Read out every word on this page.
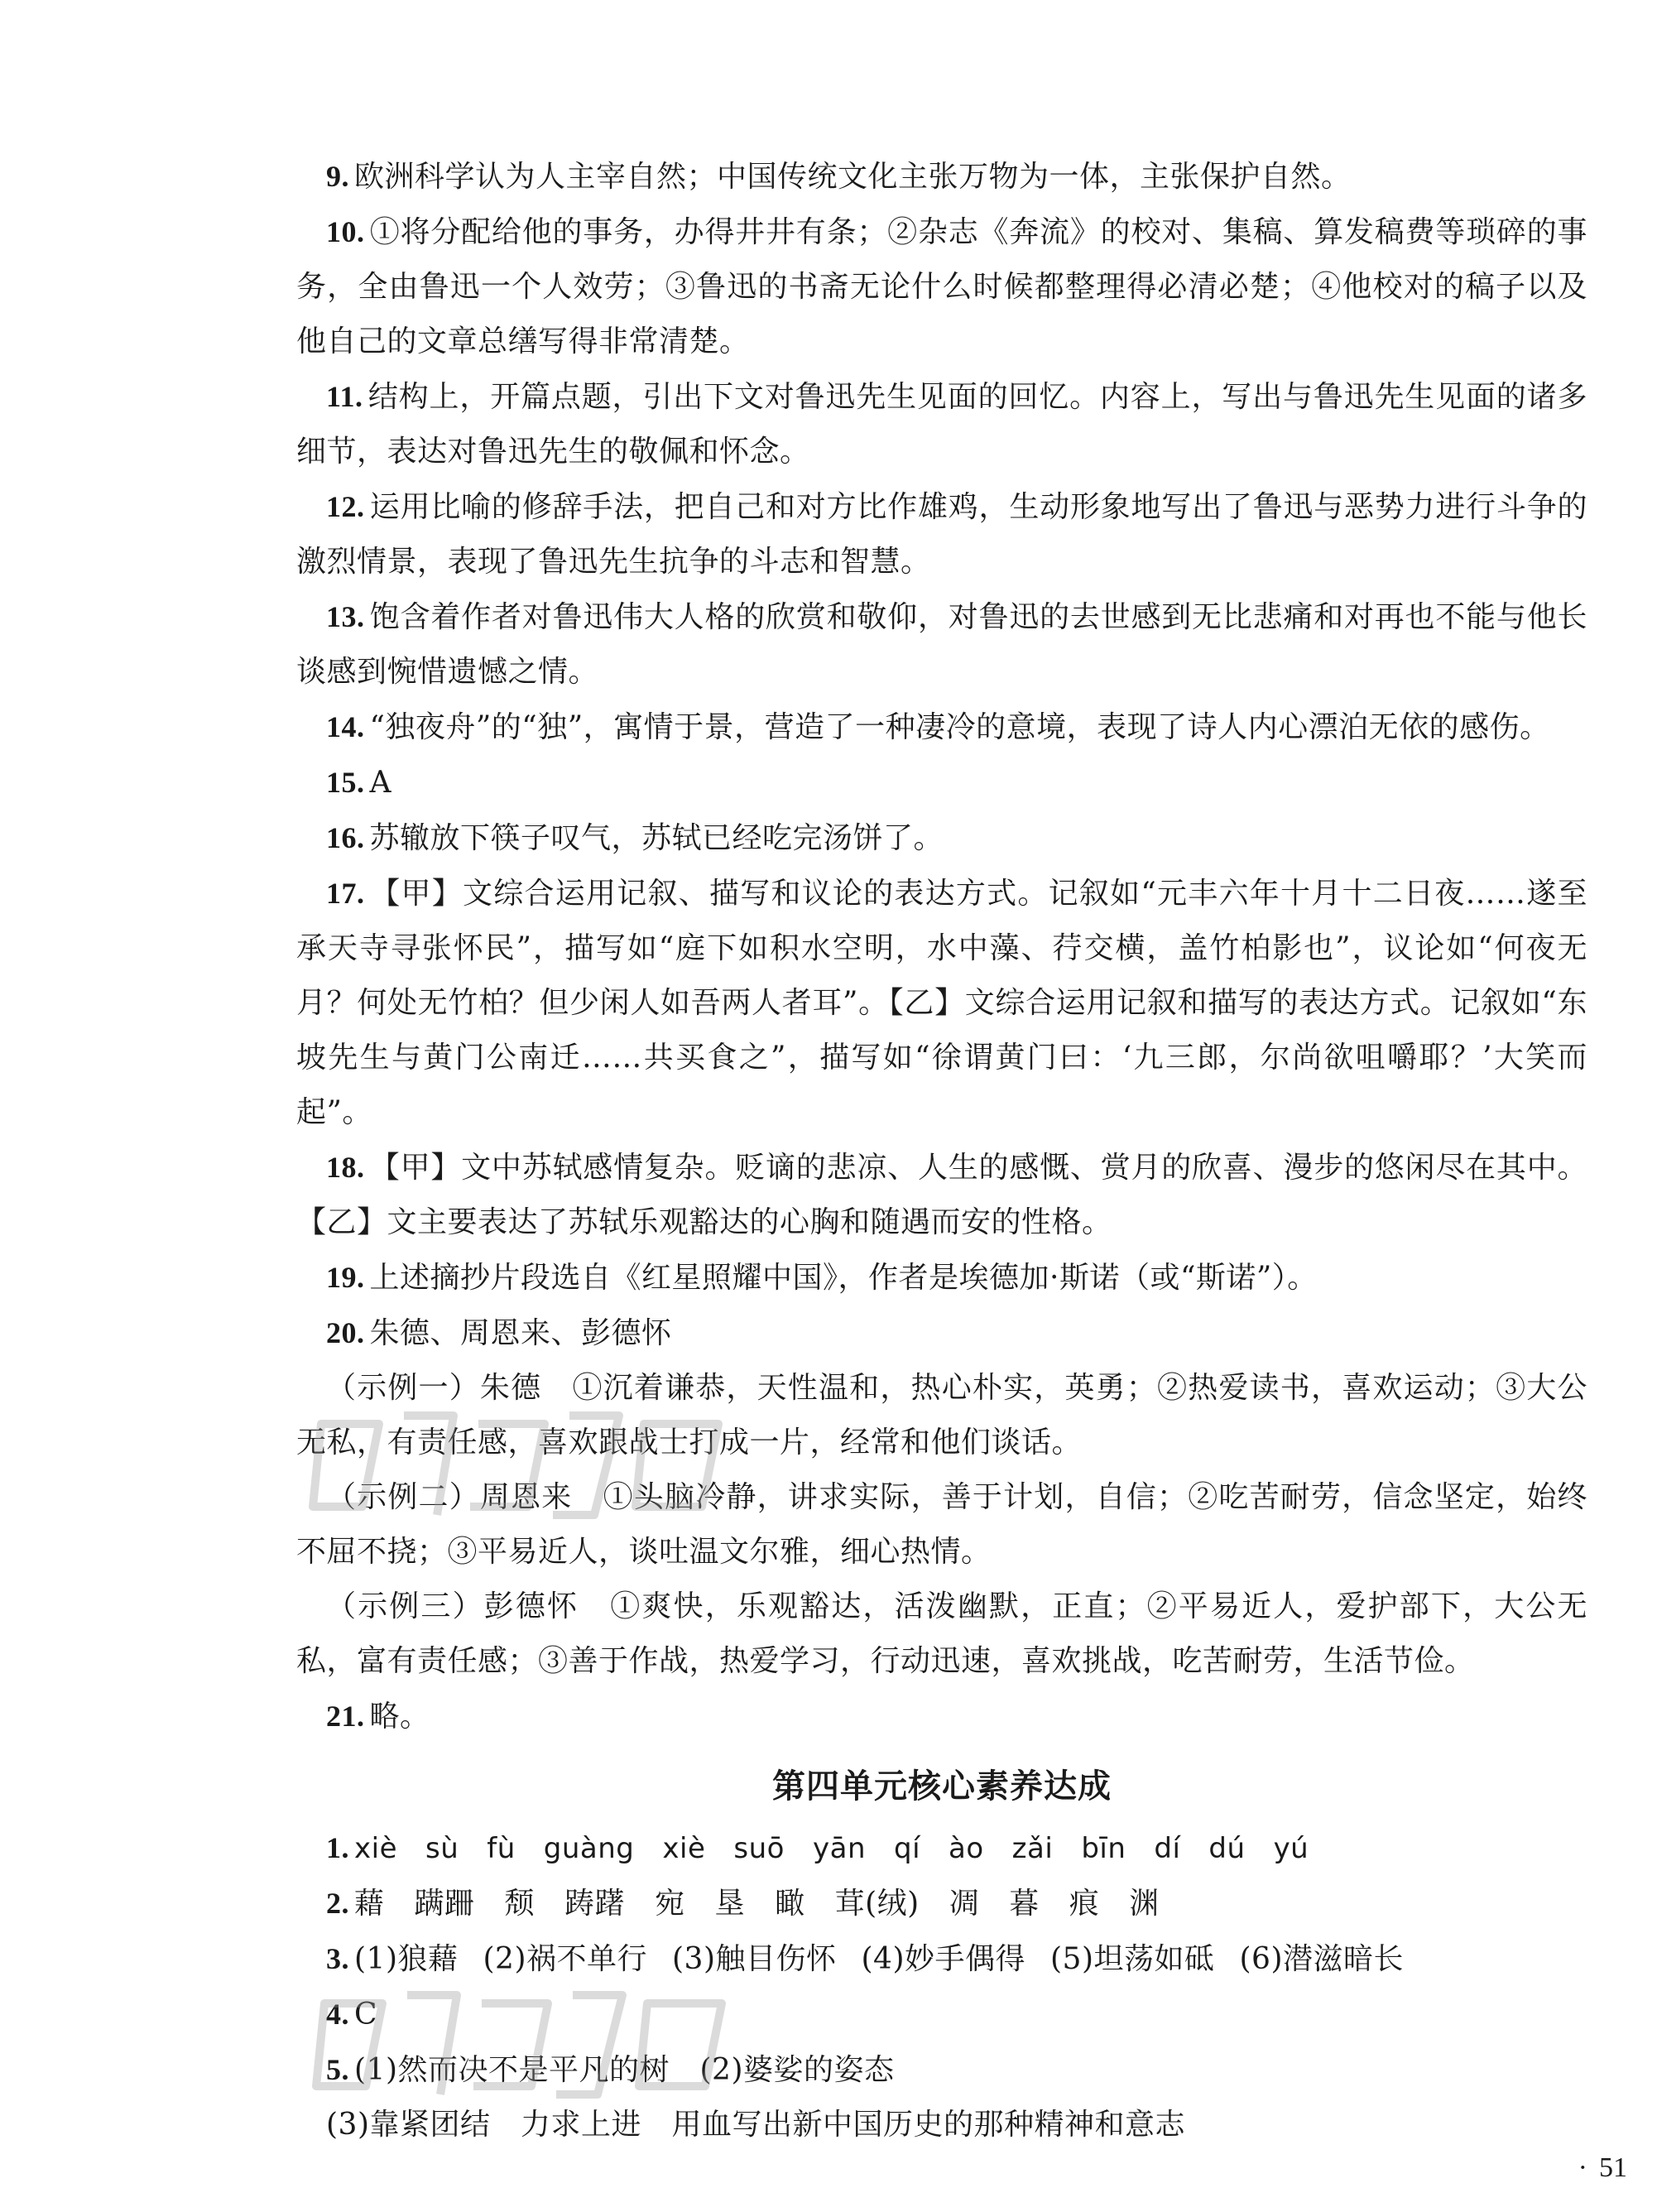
9. 欧洲科学认为人主宰自然；中国传统文化主张万物为一体，主张保护自然。

10. ①将分配给他的事务，办得井井有条；②杂志《奔流》的校对、集稿、算发稿费等琐碎的事务，全由鲁迅一个人效劳；③鲁迅的书斋无论什么时候都整理得必清必楚；④他校对的稿子以及他自己的文章总缮写得非常清楚。

11. 结构上，开篇点题，引出下文对鲁迅先生见面的回忆。内容上，写出与鲁迅先生见面的诸多细节，表达对鲁迅先生的敬佩和怀念。

12. 运用比喻的修辞手法，把自己和对方比作雄鸡，生动形象地写出了鲁迅与恶势力进行斗争的激烈情景，表现了鲁迅先生抗争的斗志和智慧。

13. 饱含着作者对鲁迅伟大人格的欣赏和敬仰，对鲁迅的去世感到无比悲痛和对再也不能与他长谈感到惋惜遗憾之情。

14. “独夜舟”的“独”，寓情于景，营造了一种凄冷的意境，表现了诗人内心漂泊无依的感伤。

15. A

16. 苏辙放下筷子叹气，苏轼已经吃完汤饼了。

17. 【甲】文综合运用记叙、描写和议论的表达方式。记叙如“元丰六年十月十二日夜……遂至承天寺寻张怀民”，描写如“庭下如积水空明，水中藻、荇交横，盖竹柏影也”，议论如“何夜无月？何处无竹柏？但少闲人如吾两人者耳”。【乙】文综合运用记叙和描写的表达方式。记叙如“东坡先生与黄门公南迁……共买食之”，描写如“徐谓黄门曰：‘九三郎，尔尚欲咀嚼耶？’大笑而起”。

18. 【甲】文中苏轼感情复杂。贬谪的悲凉、人生的感慨、赏月的欣喜、漫步的悠闲尽在其中。【乙】文主要表达了苏轼乐观豁达的心胸和随遇而安的性格。

19. 上述摘抄片段选自《红星照耀中国》，作者是埃德加·斯诺（或“斯诺”）。

20. 朱德、周恩来、彭德怀

（示例一）朱德　①沉着谦恭，天性温和，热心朴实，英勇；②热爱读书，喜欢运动；③大公无私，有责任感，喜欢跟战士打成一片，经常和他们谈话。

（示例二）周恩来　①头脑冷静，讲求实际，善于计划，自信；②吃苦耐劳，信念坚定，始终不屈不挠；③平易近人，谈吐温文尔雅，细心热情。

（示例三）彭德怀　①爽快，乐观豁达，活泼幽默，正直；②平易近人，爱护部下，大公无私，富有责任感；③善于作战，热爱学习，行动迅速，喜欢挑战，吃苦耐劳，生活节俭。

21. 略。

第四单元核心素养达成

1. xiè sù fù guàng xiè suō yān qí ào zǎi bīn dí dú yú

2. 藉 蹒跚 颓 踌躇 宛 垦 瞰 茸(绒) 凋 暮 痕 渊

3. (1)狼藉 (2)祸不单行 (3)触目伤怀 (4)妙手偶得 (5)坦荡如砥 (6)潜滋暗长

4. C

5. (1)然而决不是平凡的树　(2)婆娑的姿态

(3)靠紧团结　力求上进　用血写出新中国历史的那种精神和意志

· 51
